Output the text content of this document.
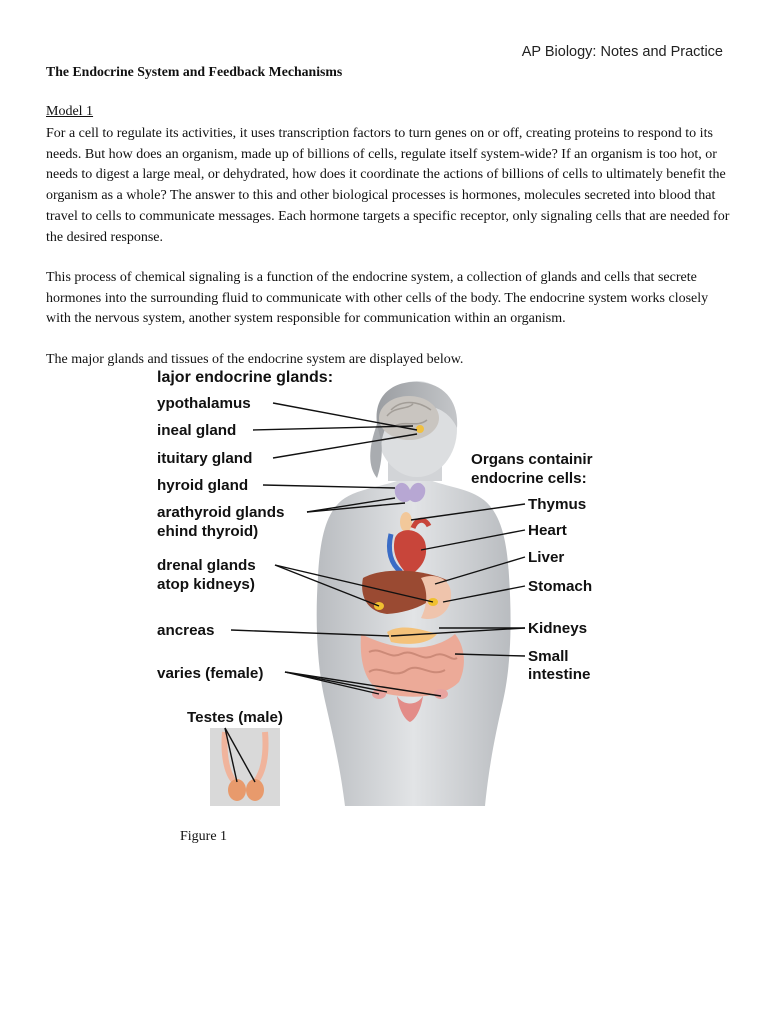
AP Biology: Notes and Practice
The Endocrine System and Feedback Mechanisms
Model 1

For a cell to regulate its activities, it uses transcription factors to turn genes on or off, creating proteins to respond to its needs. But how does an organism, made up of billions of cells, regulate itself system-wide? If an organism is too hot, or needs to digest a large meal, or dehydrated, how does it coordinate the actions of billions of cells to ultimately benefit the organism as a whole? The answer to this and other biological processes is hormones, molecules secreted into blood that travel to cells to communicate messages. Each hormone targets a specific receptor, only signaling cells that are needed for the desired response.

This process of chemical signaling is a function of the endocrine system, a collection of glands and cells that secrete hormones into the surrounding fluid to communicate with other cells of the body. The endocrine system works closely with the nervous system, another system responsible for communication within an organism.

The major glands and tissues of the endocrine system are displayed below.

lajor endocrine glands:
ypothalamus
ineal gland
ituitary gland
hyroid gland
arathyroid glands
ehind thyroid)
drenal glands
atop kidneys)
ancreas
varies (female)
Testes (male)
Organs containir
endocrine cells:
Thymus
Heart
Liver
Stomach
Kidneys
Small
intestine
Figure 1
